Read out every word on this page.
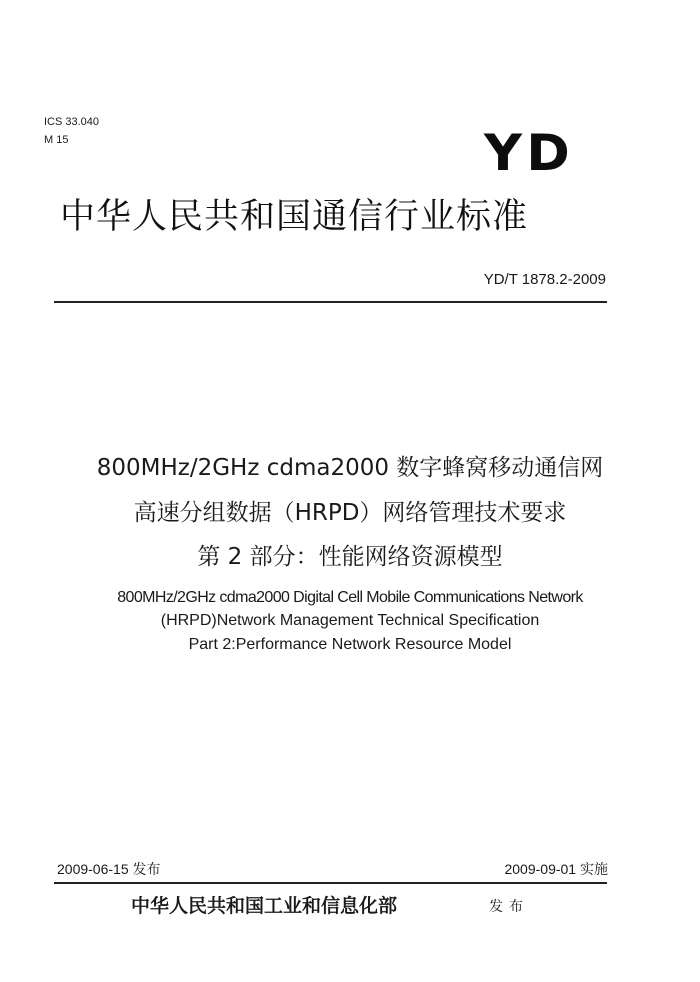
ICS 33.040
M 15	YD
中华人民共和国通信行业标准
YD/T 1878.2-2009
800MHz/2GHz cdma2000 数字蜂窝移动通信网
高速分组数据（HRPD）网络管理技术要求
第 2 部分：性能网络资源模型
800MHz/2GHz cdma2000 Digital Cell Mobile Communications Network
(HRPD)Network Management Technical Specification
Part 2:Performance Network Resource Model
2009-06-15 发布	2009-09-01 实施
中华人民共和国工业和信息化部	发布
